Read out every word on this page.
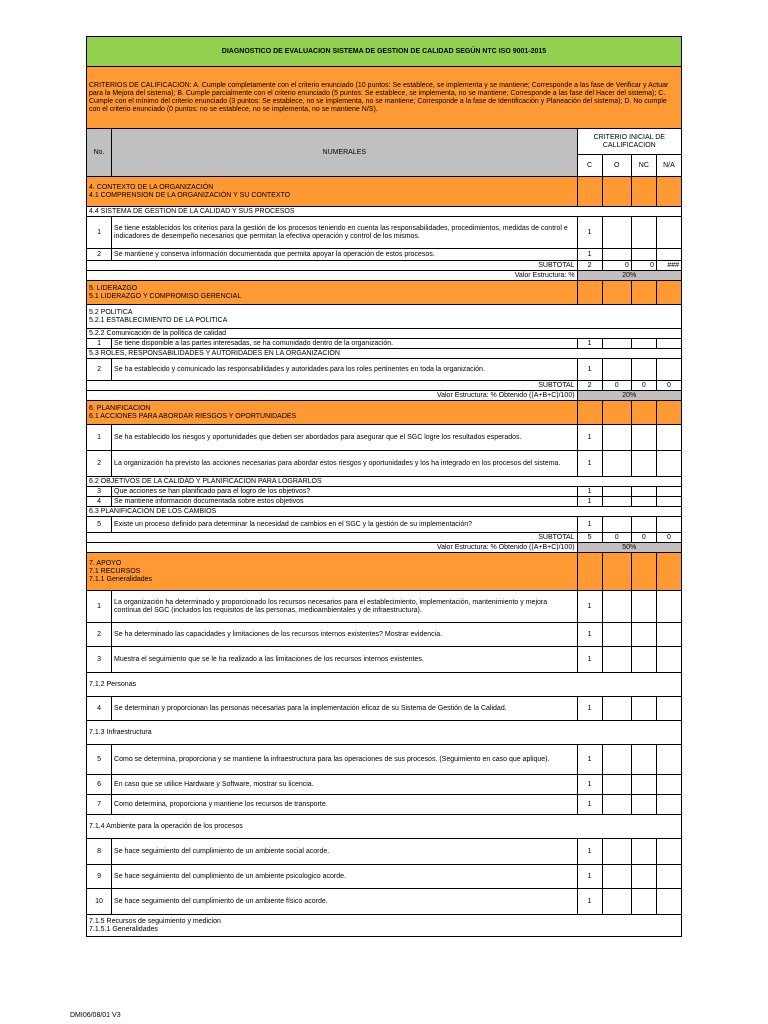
DIAGNOSTICO DE EVALUACION SISTEMA DE GESTION DE CALIDAD SEGÚN NTC ISO 9001-2015					
CRITERIOS DE CALIFICACION: A. Cumple completamente con el criterio enunciado (10 puntos: Se establece, se implementa y se mantiene; Corresponde a las fase de Verificar y Actuar para la Mejora del sistema); B. Cumple parcialmente con el criterio enunciado (5 puntos: Se establece, se implementa, no se mantiene; Corresponde a las fase del Hacer del sistema); C. Cumple con el mínimo del criterio enunciado (3 puntos: Se establece, no se implementa, no se mantiene; Corresponde a la fase de Identificación y Planeación del sistema); D. No cumple con el criterio enunciado (0 puntos: no se establece, no se implementa, no se mantiene N/S).					
No.	NUMERALES	CRITERIO INICIAL DE CALLIFICACION			
		C	O	NC	N/A

4. CONTEXTO DE LA ORGANIZACIÓN
4.1 COMPRENSION DE LA ORGANIZACIÓN Y SU CONTEXTO					

4.4 SISTEMA DE GESTION DE LA CALIDAD Y SUS PROCESOS					
1	Se tiene establecidos los criterios para la gestión de los procesos teniendo en cuenta las responsabilidades, procedimientos, medidas de control e indicadores de desempeño necesarios que permitan la efectiva operación y control de los mismos.	1			
2	Se mantiene y conserva información documentada que permita apoyar la operación de estos procesos.	1			
SUBTOTAL		2	0	0	###
Valor Estructura: %		20%			

5. LIDERAZGO
5.1 LIDERAZGO Y COMPROMISO GERENCIAL					

5.2 POLITICA
5.2.1 ESTABLECIMIENTO DE LA POLITICA					

5.2.2 Comunicación de la política de calidad					
1	Se tiene disponible a las partes interesadas, se ha comunidado dentro de la organización.	1			
5.3 ROLES, RESPONSABILIDADES Y AUTORIDADES EN LA ORGANIZACIÓN					
2	Se ha establecido y comunicado las responsabilidades y autoridades para los roles pertinentes en toda la organización.	1			
SUBTOTAL		2	0	0	0
Valor Estructura: % Obtenido ((A+B+C)/100)		20%			

6. PLANIFICACION
6.1 ACCIONES PARA ABORDAR RIESGOS Y OPORTUNIDADES					

1	Se ha establecido los riesgos y oportunidades que deben ser abordados para asegurar que el SGC logre los resultados esperados.	1			
2	La organización ha previsto las acciones necesarias para abordar estos riesgos y oportunidades y los ha integrado en los procesos del sistema.	1			
6.2 OBJETIVOS DE LA CALIDAD Y PLANIFICACION PARA LOGRARLOS					
3	Que acciones se han planificado para el logro de los objetivos?	1			
4	Se mantiene información documentada sobre estos objetivos	1			
6.3 PLANIFICACION DE LOS CAMBIOS					
5	Existe un proceso definido para determinar la necesidad de cambios en el SGC y la gestión de su implementación?	1			
SUBTOTAL		5	0	0	0
Valor Estructura: % Obtenido ((A+B+C)/100)		50%			

7. APOYO
7.1 RECURSOS
7.1.1 Generalidades					

1	La organización ha determinado y proporcionado los recursos necesarios para el establecimiento, implementación, mantenimiento y mejora contínua del SGC (incluidos los requisitos de las personas, medioambientales y de infraestructura).	1			
2	Se ha determinado las capacidades y limitaciones de los recursos internos existentes? Mostrar evidencia.	1			
3	Muestra el seguimiento que se le ha realizado a las limitaciones de los recursos internos existentes.	1			
7.1.2 Personas					
4	Se determinan y proporcionan las personas necesarias para la implementación eficaz de su Sistema de Gestión de la Calidad.	1			
7.1.3 Infraestructura					
5	Como se determina, proporciona y se mantiene la infraestructura para las operaciones de sus procesos. (Seguimiento en caso que aplique).	1			
6	En caso que se utilice Hardware y Software, mostrar su licencia.	1			
7	Como determina, proporciona y mantiene los recursos de transporte.	1			
7.1.4 Ambiente para la operación de los procesos					
8	Se hace seguimiento del cumplimiento de un ambiente social acorde.	1			
9	Se hace seguimiento del cumplimiento de un ambiente psicologico acorde.	1			
10	Se hace seguimiento del cumplimiento de un ambiente físico acorde.	1			

7.1.5 Recursos de seguimiento y medicion
7.1.5.1 Generalidades					
DMI06/08/01 V3
